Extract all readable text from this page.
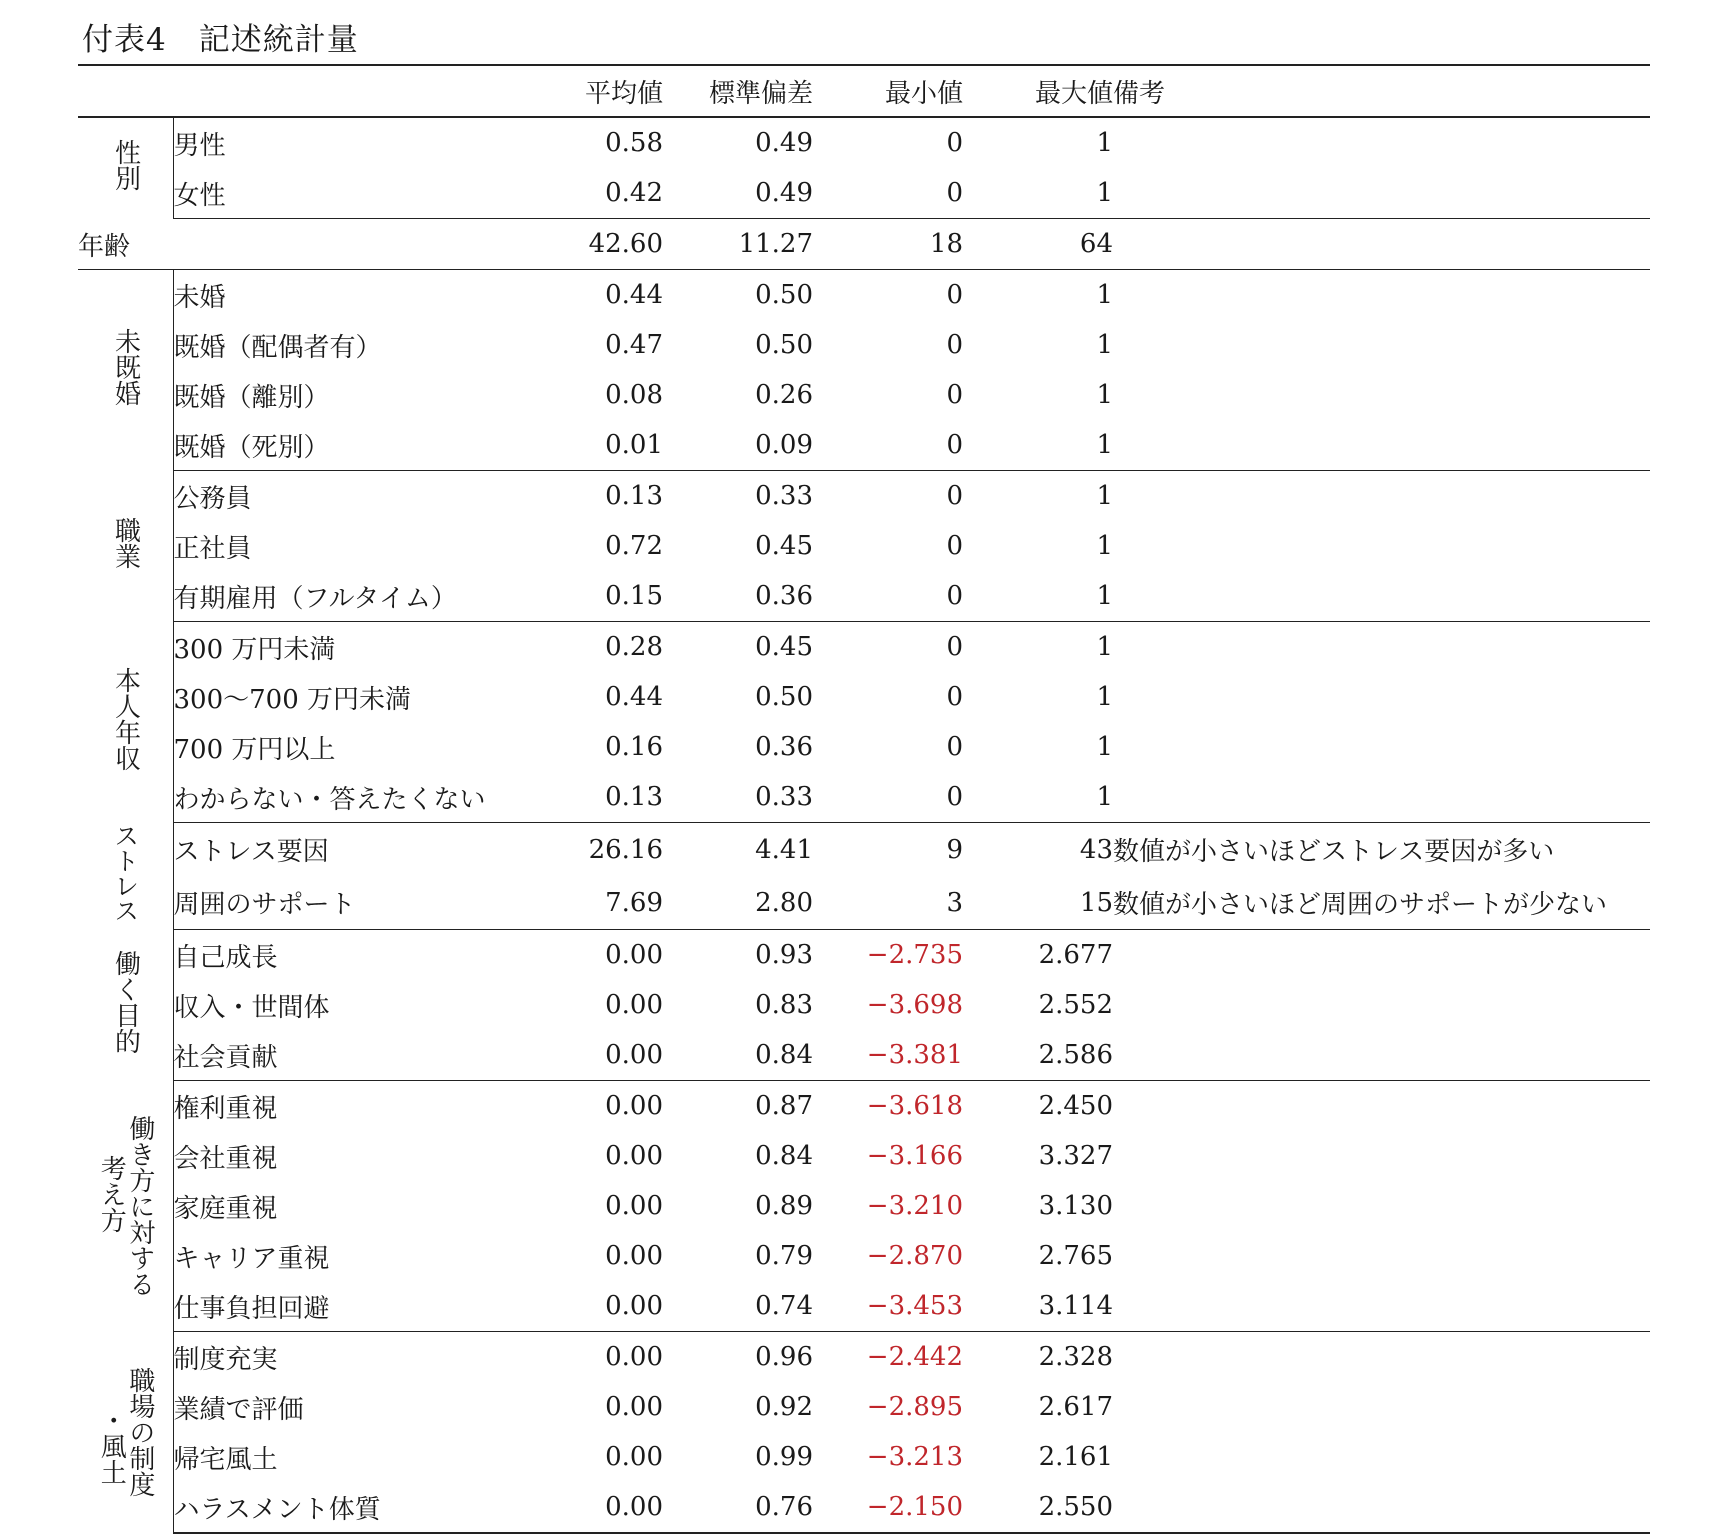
付表4　記述統計量
		平均値	標準偏差	最小値	最大値	備考
性別	男性	0.58	0.49	0	1	
	女性	0.42	0.49	0	1	
年齢		42.60	11.27	18	64	
未既婚	未婚	0.44	0.50	0	1	
	既婚（配偶者有）	0.47	0.50	0	1	
	既婚（離別）	0.08	0.26	0	1	
	既婚（死別）	0.01	0.09	0	1	
職業	公務員	0.13	0.33	0	1	
	正社員	0.72	0.45	0	1	
	有期雇用（フルタイム）	0.15	0.36	0	1	
本人年収	300 万円未満	0.28	0.45	0	1	
	300～700 万円未満	0.44	0.50	0	1	
	700 万円以上	0.16	0.36	0	1	
	わからない・答えたくない	0.13	0.33	0	1	
ストレス	ストレス要因	26.16	4.41	9	43	数値が小さいほどストレス要因が多い
	周囲のサポート	7.69	2.80	3	15	数値が小さいほど周囲のサポートが少ない
働く目的	自己成長	0.00	0.93	−2.735	2.677	
	収入・世間体	0.00	0.83	−3.698	2.552	
	社会貢献	0.00	0.84	−3.381	2.586	

働き方に対する
考え方	権利重視	0.00	0.87	−3.618	2.450	
	会社重視	0.00	0.84	−3.166	3.327	
	家庭重視	0.00	0.89	−3.210	3.130	
	キャリア重視	0.00	0.79	−2.870	2.765	
	仕事負担回避	0.00	0.74	−3.453	3.114	

職場の制度
・風土	制度充実	0.00	0.96	−2.442	2.328	
	業績で評価	0.00	0.92	−2.895	2.617	
	帰宅風土	0.00	0.99	−3.213	2.161	
	ハラスメント体質	0.00	0.76	−2.150	2.550	
